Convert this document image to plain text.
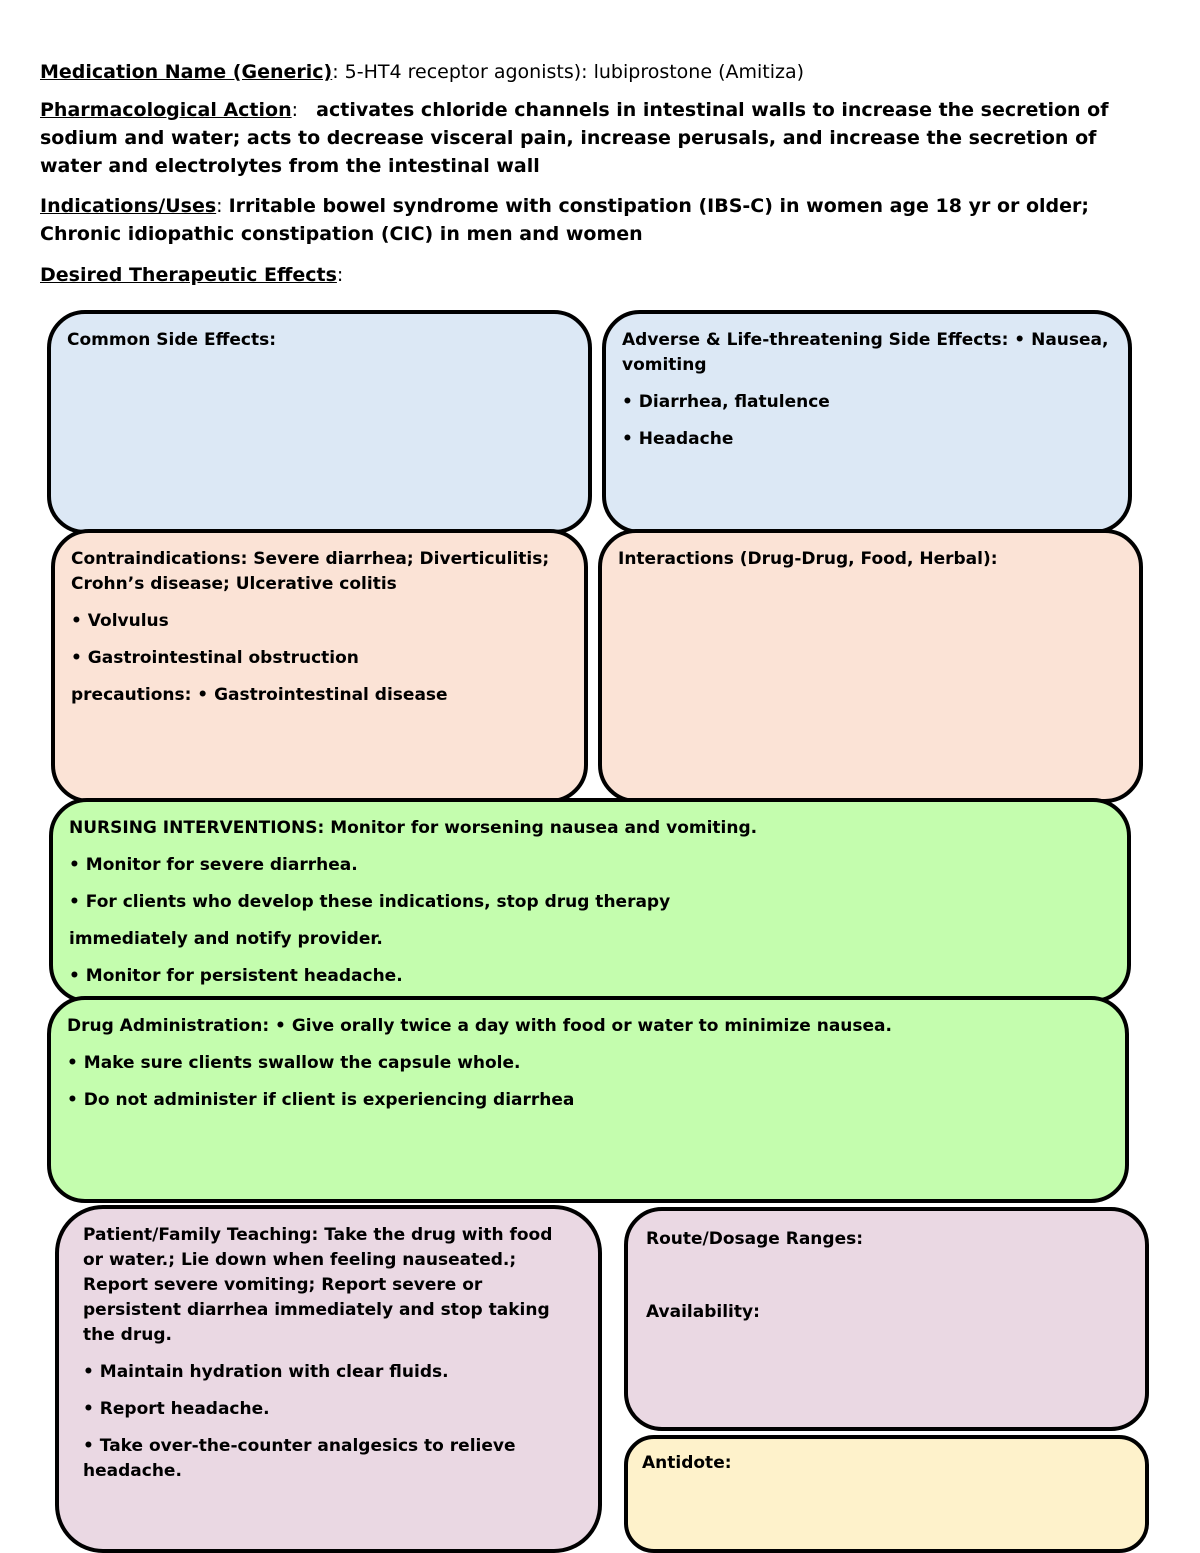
Medication Name (Generic): 5-HT4 receptor agonists): lubiprostone (Amitiza)
Pharmacological Action:   activates chloride channels in intestinal walls to increase the secretion of sodium and water; acts to decrease visceral pain, increase perusals, and increase the secretion of water and electrolytes from the intestinal wall
Indications/Uses: Irritable bowel syndrome with constipation (IBS-C) in women age 18 yr or older; Chronic idiopathic constipation (CIC) in men and women
Desired Therapeutic Effects:

Common Side Effects:	Adverse & Life-threatening Side Effects: • Nausea, vomiting

• Diarrhea, flatulence

• Headache

Contraindications: Severe diarrhea; Diverticulitis; Crohn’s disease; Ulcerative colitis

• Volvulus

• Gastrointestinal obstruction

precautions: • Gastrointestinal disease

Interactions (Drug-Drug, Food, Herbal):

NURSING INTERVENTIONS: Monitor for worsening nausea and vomiting.

• Monitor for severe diarrhea.

• For clients who develop these indications, stop drug therapy

immediately and notify provider.

• Monitor for persistent headache.

Drug Administration: • Give orally twice a day with food or water to minimize nausea.

• Make sure clients swallow the capsule whole.

• Do not administer if client is experiencing diarrhea

Patient/Family Teaching: Take the drug with food or water.; Lie down when feeling nauseated.; Report severe vomiting; Report severe or persistent diarrhea immediately and stop taking the drug.

• Maintain hydration with clear fluids.

• Report headache.

• Take over-the-counter analgesics to relieve headache.

Route/Dosage Ranges:

Availability:

Antidote:
